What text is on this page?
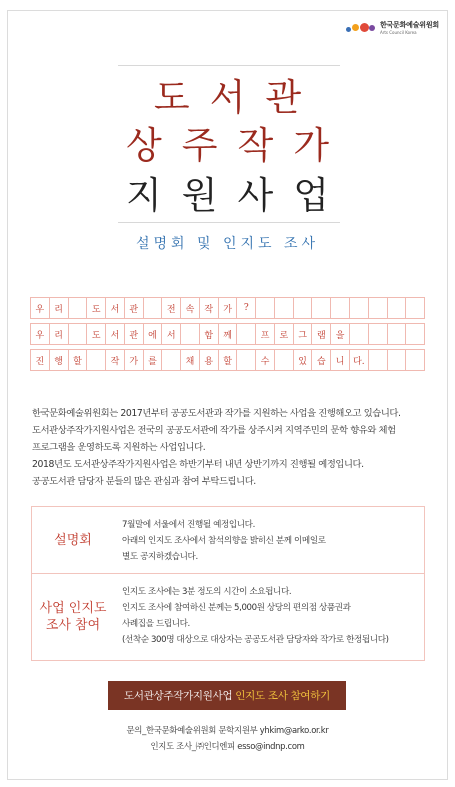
한국문화예술위원회
Arts Council Korea
도서관
상주작가
지원사업
설명회 및 인지도 조사
우	리	도	서	관	전	속	작	가	?
우	리	도	서	관	에	서	함	께	프	로	그	램	을
진	행	할	작	가	를	채	용	할	수	있	습	니 다.

한국문화예술위원회는 2017년부터 공공도서관과 작가를 지원하는 사업을 진행해오고 있습니다.

도서관상주작가지원사업은 전국의 공공도서관에 작가를 상주시켜 지역주민의 문학 향유와 체험

프로그램을 운영하도록 지원하는 사업입니다.

2018년도 도서관상주작가지원사업은 하반기부터 내년 상반기까지 진행될 예정입니다.

공공도서관 담당자 분들의 많은 관심과 참여 부탁드립니다.

설명회

7월말에 서울에서 진행될 예정입니다.

아래의 인지도 조사에서 참석의향을 밝히신 분께 이메일로

별도 공지하겠습니다.

사업 인지도
조사 참여

인지도 조사에는 3분 정도의 시간이 소요됩니다.

인지도 조사에 참여하신 분께는 5,000원 상당의 편의점 상품권과

사례집을 드립니다.

(선착순 300명 대상으로 대상자는 공공도서관 담당자와 작가로 한정됩니다)

도서관상주작가지원사업 인지도 조사 참여하기
문의_한국문화예술위원회 문학지원부 yhkim@arko.or.kr
인지도 조사_㈜인디엔피 esso@indnp.com
